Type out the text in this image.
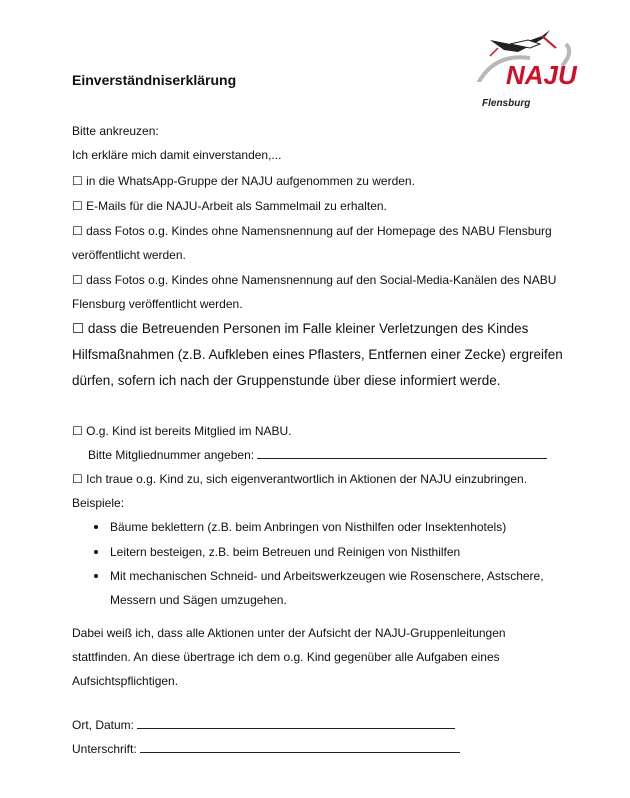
Einverständniserklärung	NAJU
Flensburg
Bitte ankreuzen:
Ich erkläre mich damit einverstanden,...
☐ in die WhatsApp-Gruppe der NAJU aufgenommen zu werden.
☐ E-Mails für die NAJU-Arbeit als Sammelmail zu erhalten.
☐ dass Fotos o.g. Kindes ohne Namensnennung auf der Homepage des NABU Flensburg
veröffentlicht werden.
☐ dass Fotos o.g. Kindes ohne Namensnennung auf den Social-Media-Kanälen des NABU
Flensburg veröffentlicht werden.
☐ dass die Betreuenden Personen im Falle kleiner Verletzungen des Kindes
Hilfsmaßnahmen (z.B. Aufkleben eines Pflasters, Entfernen einer Zecke) ergreifen
dürfen, sofern ich nach der Gruppenstunde über diese informiert werde.
☐ O.g. Kind ist bereits Mitglied im NABU.
Bitte Mitgliednummer angeben:
☐ Ich traue o.g. Kind zu, sich eigenverantwortlich in Aktionen der NAJU einzubringen.
Beispiele:
Bäume beklettern (z.B. beim Anbringen von Nisthilfen oder Insektenhotels)
Leitern besteigen, z.B. beim Betreuen und Reinigen von Nisthilfen
Mit mechanischen Schneid- und Arbeitswerkzeugen wie Rosenschere, Astschere,
Messern und Sägen umzugehen.
Dabei weiß ich, dass alle Aktionen unter der Aufsicht der NAJU-Gruppenleitungen
stattfinden. An diese übertrage ich dem o.g. Kind gegenüber alle Aufgaben eines
Aufsichtspflichtigen.
Ort, Datum:
Unterschrift:
